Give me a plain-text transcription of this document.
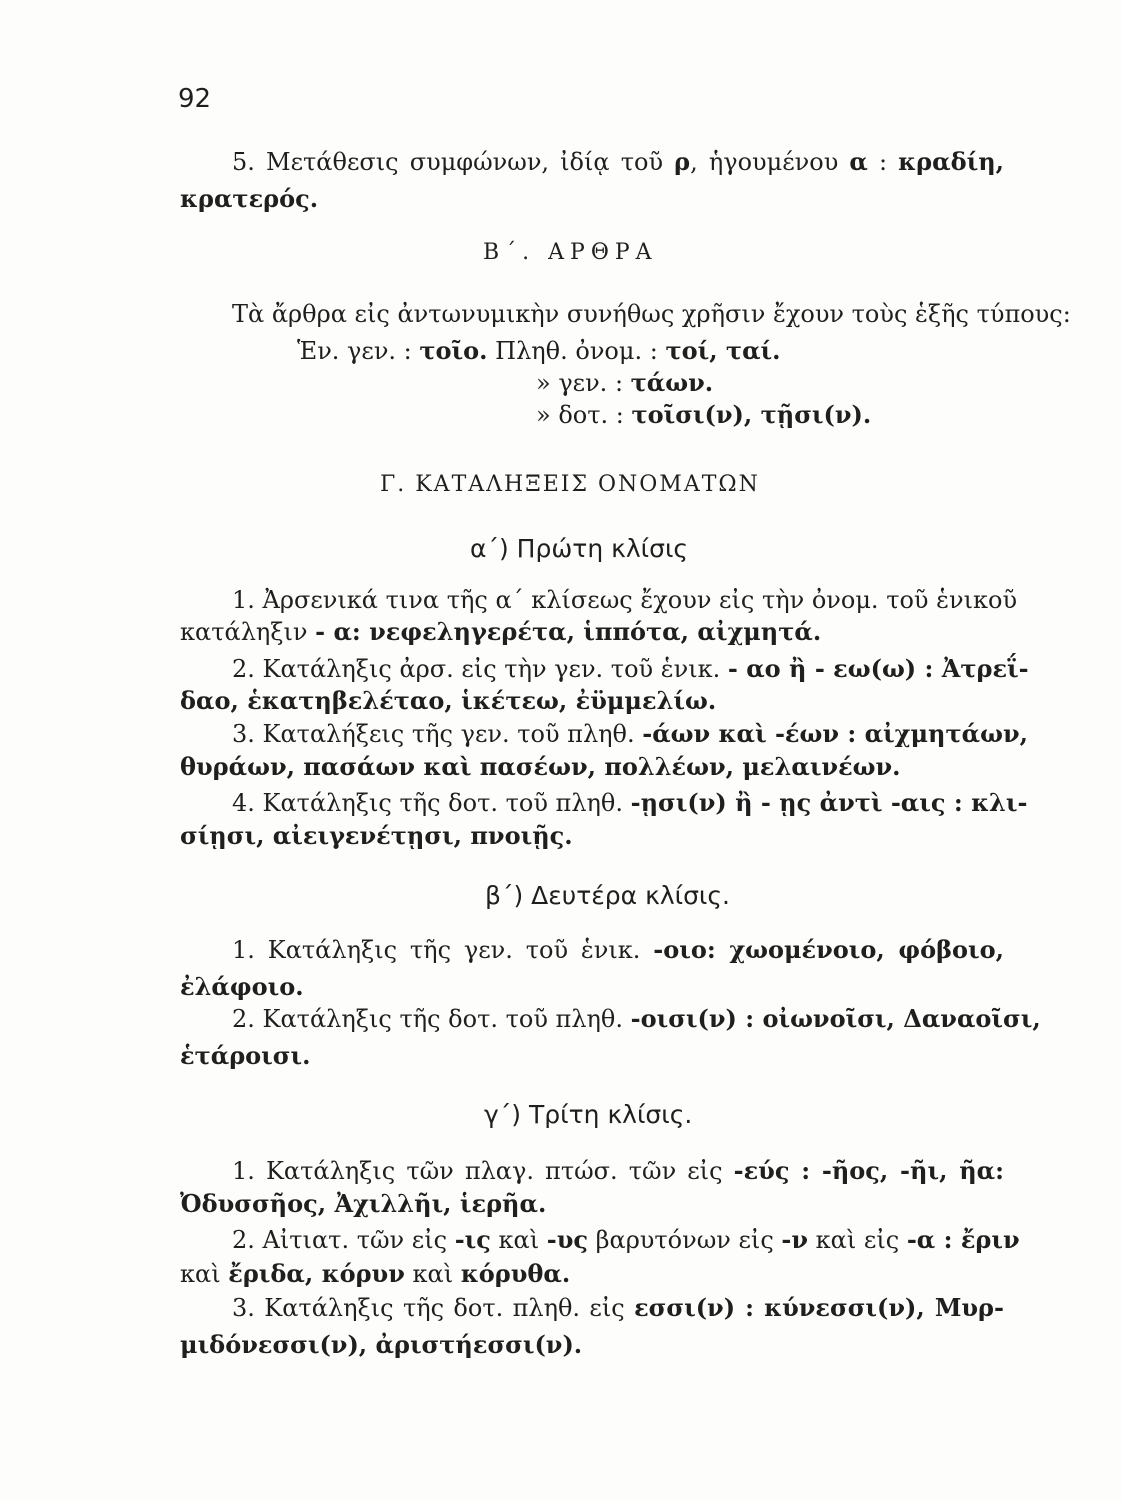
92
5. Μετάθεσις συμφώνων, ἰδίᾳ τοῦ ρ, ἡγουμένου α : κραδίη,
κρατερός.
Β΄. ΑΡΘΡΑ
Τὰ ἄρθρα εἰς ἀντωνυμικὴν συνήθως χρῆσιν ἔχουν τοὺς ἑξῆς τύπους:
Ἑν. γεν. : τοῖο. Πληθ. ὀνομ. : τοί, ταί.
» γεν. : τάων.
» δοτ. : τοῖσι(ν), τῇσι(ν).
Γ. ΚΑΤΑΛΗΞΕΙΣ ΟΝΟΜΑΤΩΝ
α΄) Πρώτη κλίσις
1. Ἀρσενικά τινα τῆς α΄ κλίσεως ἔχουν εἰς τὴν ὀνομ. τοῦ ἑνικοῦ
κατάληξιν - α: νεφεληγερέτα, ἱππότα, αἰχμητά.
2. Κατάληξις ἀρσ. εἰς τὴν γεν. τοῦ ἑνικ. - αο ἢ - εω(ω) : Ἀτρεΐ-
δαο, ἑκατηβελέταο, ἱκέτεω, ἐϋμμελίω.
3. Καταλήξεις τῆς γεν. τοῦ πληθ. -άων καὶ -έων : αἰχμητάων,
θυράων, πασάων καὶ πασέων, πολλέων, μελαινέων.
4. Κατάληξις τῆς δοτ. τοῦ πληθ. -ῃσι(ν) ἢ - ῃς ἀντὶ -αις : κλι-
σίῃσι, αἰειγενέτῃσι, πνοιῇς.
β΄) Δευτέρα κλίσις.
1. Κατάληξις τῆς γεν. τοῦ ἑνικ. -οιο: χωομένοιο, φόβοιο,
ἐλάφοιο.
2. Κατάληξις τῆς δοτ. τοῦ πληθ. -οισι(ν) : οἰωνοῖσι, Δαναοῖσι,
ἑτάροισι.
γ΄) Τρίτη κλίσις.
1. Κατάληξις τῶν πλαγ. πτώσ. τῶν εἰς -εύς : -ῆος, -ῆι, ῆα:
Ὀδυσσῆος, Ἀχιλλῆι, ἱερῆα.
2. Αἰτιατ. τῶν εἰς -ις καὶ -υς βαρυτόνων εἰς -ν καὶ εἰς -α : ἔριν
καὶ ἔριδα, κόρυν καὶ κόρυθα.
3. Κατάληξις τῆς δοτ. πληθ. εἰς εσσι(ν) : κύνεσσι(ν), Μυρ-
μιδόνεσσι(ν), ἀριστήεσσι(ν).
